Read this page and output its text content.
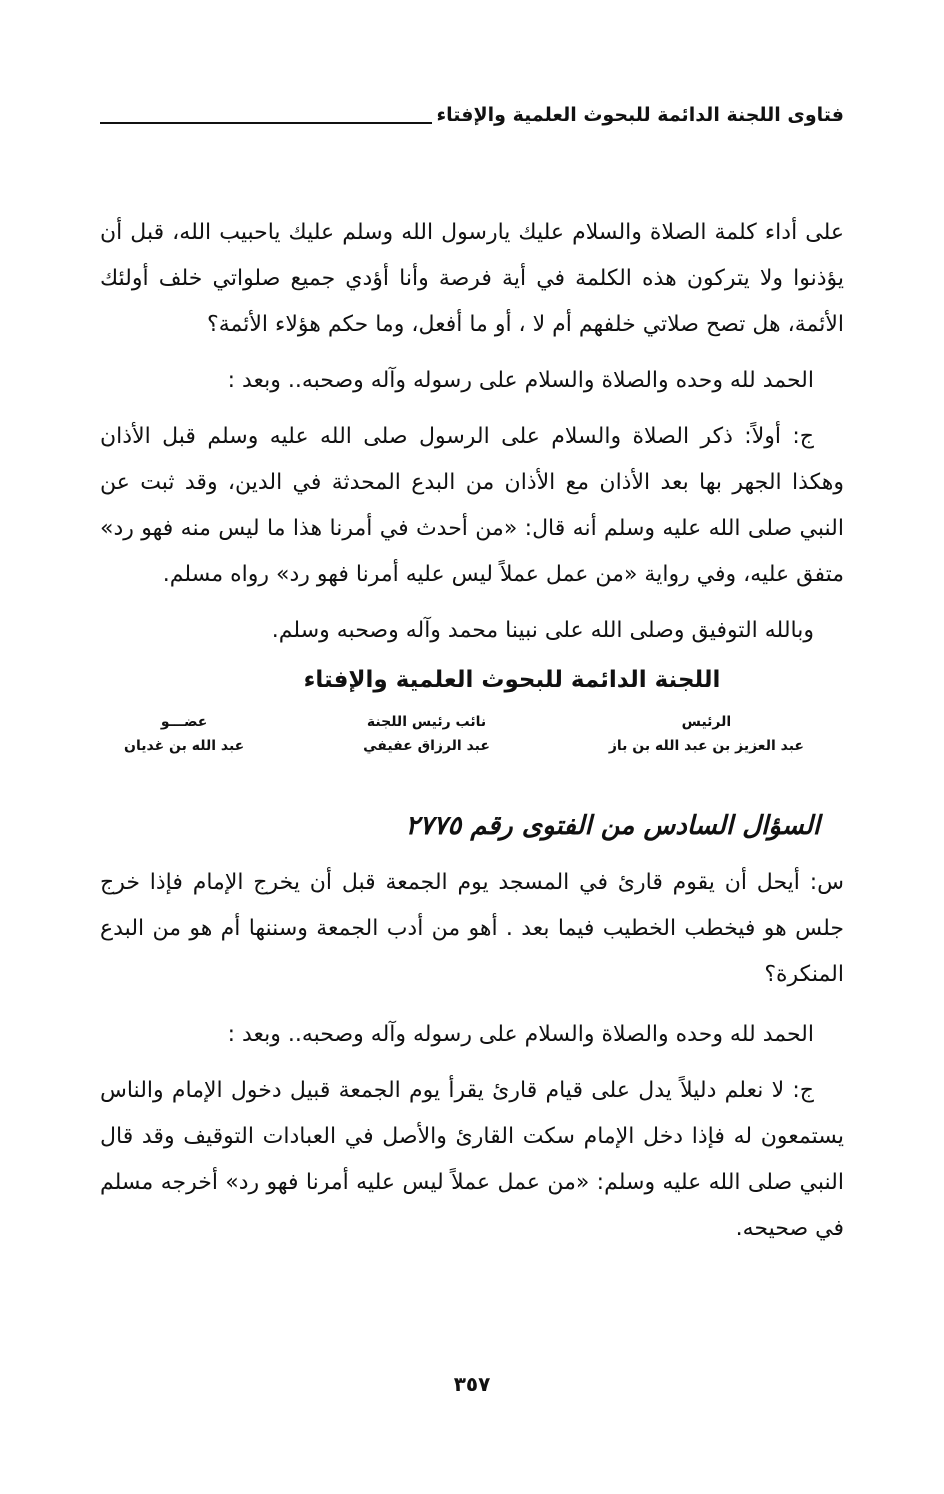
فتاوى اللجنة الدائمة للبحوث العلمية والإفتاء

على أداء كلمة الصلاة والسلام عليك يارسول الله وسلم عليك ياحبيب الله، قبل أن يؤذنوا ولا يتركون هذه الكلمة في أية فرصة وأنا أؤدي جميع صلواتي خلف أولئك الأئمة، هل تصح صلاتي خلفهم أم لا ، أو ما أفعل، وما حكم هؤلاء الأئمة؟

الحمد لله وحده والصلاة والسلام على رسوله وآله وصحبه.. وبعد :

ج: أولاً: ذكر الصلاة والسلام على الرسول صلى الله عليه وسلم قبل الأذان وهكذا الجهر بها بعد الأذان مع الأذان من البدع المحدثة في الدين، وقد ثبت عن النبي صلى الله عليه وسلم أنه قال: «من أحدث في أمرنا هذا ما ليس منه فهو رد» متفق عليه، وفي رواية «من عمل عملاً ليس عليه أمرنا فهو رد» رواه مسلم.

وبالله التوفيق وصلى الله على نبينا محمد وآله وصحبه وسلم.

اللجنة الدائمة للبحوث العلمية والإفتاء
الرئيس
عبد العزيز بن عبد الله بن باز
نائب رئيس اللجنة
عبد الرزاق عفيفي
عضـــو
عبد الله بن غديان
السؤال السادس من الفتوى رقم ٢٧٧٥

س: أيحل أن يقوم قارئ في المسجد يوم الجمعة قبل أن يخرج الإمام فإذا خرج جلس هو فيخطب الخطيب فيما بعد . أهو من أدب الجمعة وسننها أم هو من البدع المنكرة؟

الحمد لله وحده والصلاة والسلام على رسوله وآله وصحبه.. وبعد :

ج: لا نعلم دليلاً يدل على قيام قارئ يقرأ يوم الجمعة قبيل دخول الإمام والناس يستمعون له فإذا دخل الإمام سكت القارئ والأصل في العبادات التوقيف وقد قال النبي صلى الله عليه وسلم: «من عمل عملاً ليس عليه أمرنا فهو رد» أخرجه مسلم في صحيحه.

٣٥٧
